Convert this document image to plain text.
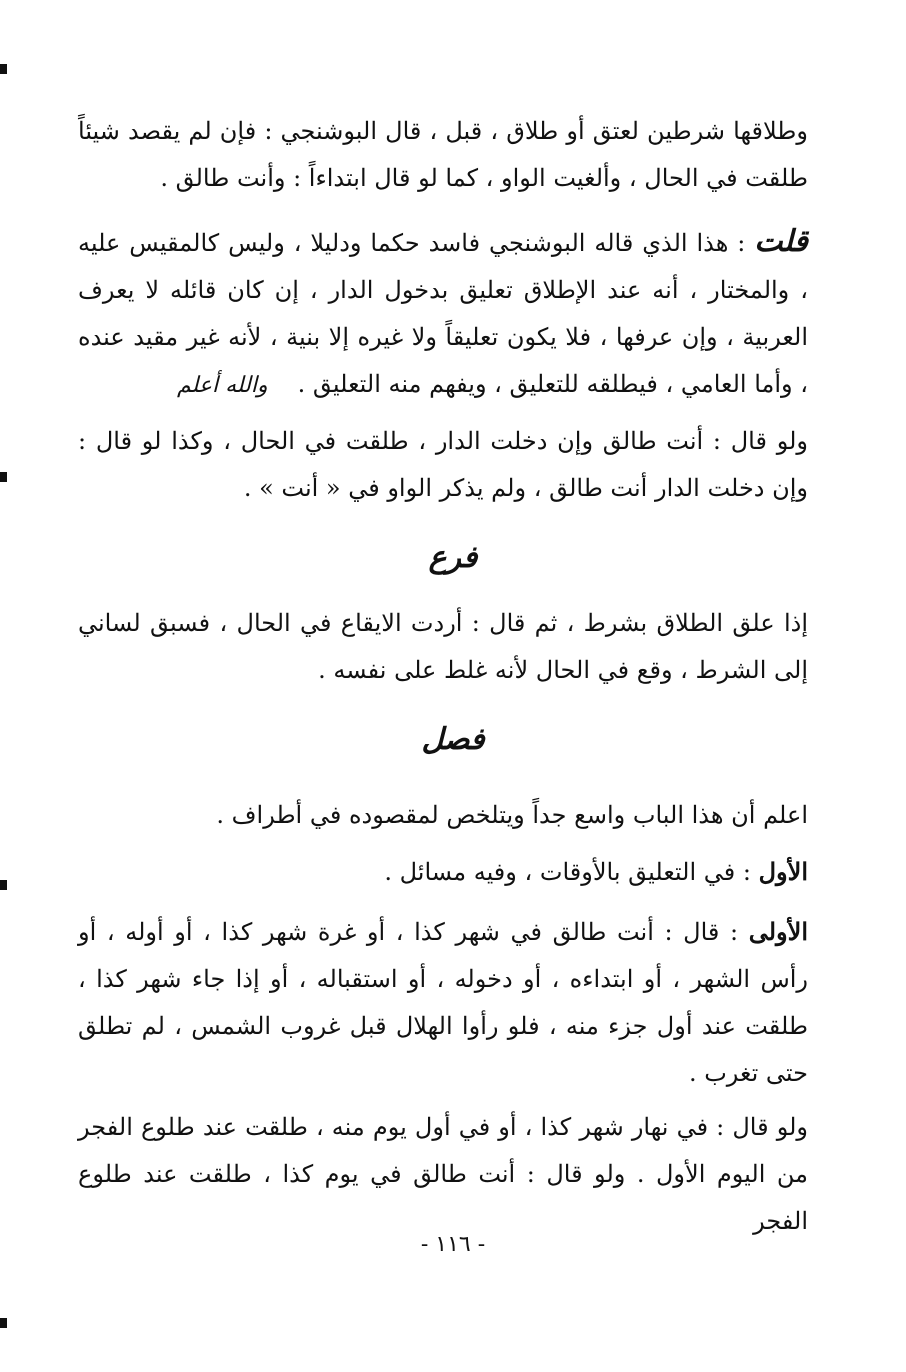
وطلاقها شرطين لعتق أو طلاق ، قبل ، قال البوشنجي : فإن لم يقصد شيئاً طلقت في الحال ، وألغيت الواو ، كما لو قال ابتداءاً : وأنت طالق .

قلت : هذا الذي قاله البوشنجي فاسد حكما ودليلا ، وليس كالمقيس عليه ، والمختار ، أنه عند الإطلاق تعليق بدخول الدار ، إن كان قائله لا يعرف العربية ، وإن عرفها ، فلا يكون تعليقاً ولا غيره إلا بنية ، لأنه غير مقيد عنده ، وأما العامي ، فيطلقه للتعليق ، ويفهم منه التعليق .والله أعلم

ولو قال : أنت طالق وإن دخلت الدار ، طلقت في الحال ، وكذا لو قال : وإن دخلت الدار أنت طالق ، ولم يذكر الواو في « أنت » .

فرع

إذا علق الطلاق بشرط ، ثم قال : أردت الايقاع في الحال ، فسبق لساني إلى الشرط ، وقع في الحال لأنه غلط على نفسه .

فصل

اعلم أن هذا الباب واسع جداً ويتلخص لمقصوده في أطراف .

الأول : في التعليق بالأوقات ، وفيه مسائل .

الأولى : قال : أنت طالق في شهر كذا ، أو غرة شهر كذا ، أو أوله ، أو رأس الشهر ، أو ابتداءه ، أو دخوله ، أو استقباله ، أو إذا جاء شهر كذا ، طلقت عند أول جزء منه ، فلو رأوا الهلال قبل غروب الشمس ، لم تطلق حتى تغرب .

ولو قال : في نهار شهر كذا ، أو في أول يوم منه ، طلقت عند طلوع الفجر من اليوم الأول . ولو قال : أنت طالق في يوم كذا ، طلقت عند طلوع الفجر

- ١١٦ -
